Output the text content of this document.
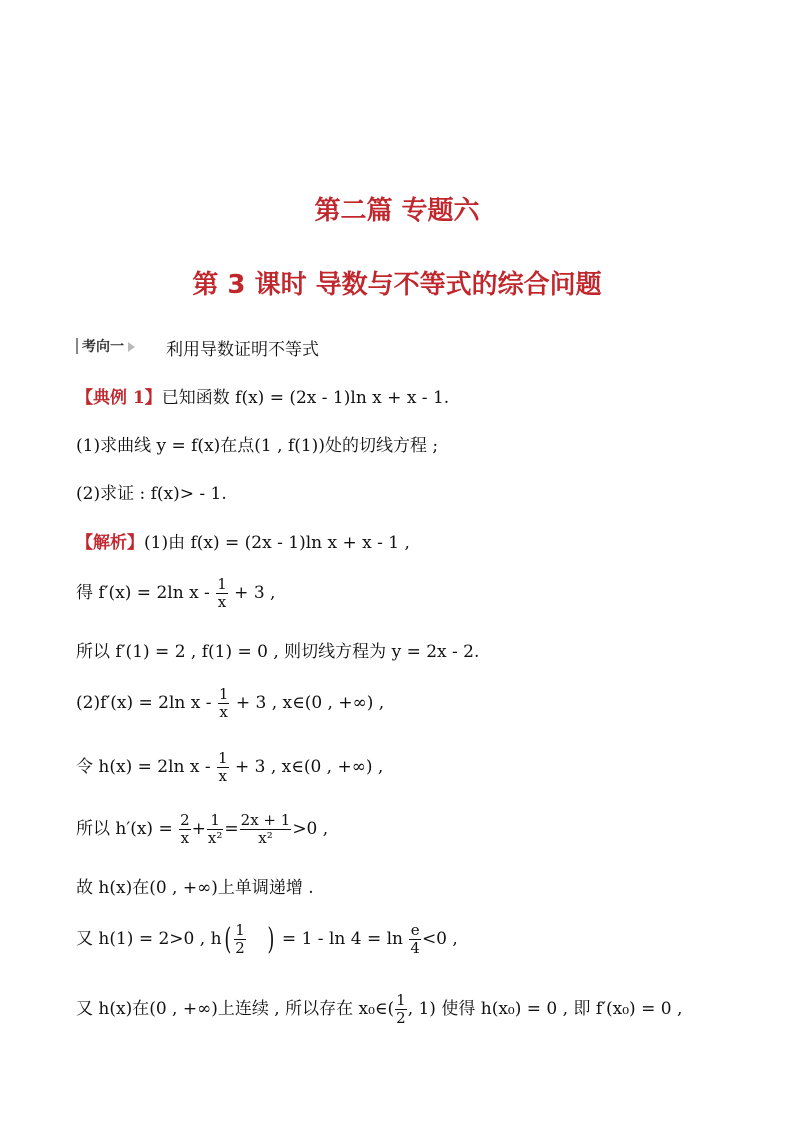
第二篇 专题六
第 3 课时 导数与不等式的综合问题
考向一	利用导数证明不等式
【典例 1】已知函数 f(x) = (2x - 1)ln x + x - 1.
(1)求曲线 y = f(x)在点(1 , f(1))处的切线方程 ;
(2)求证 : f(x)> - 1.
【解析】(1)由 f(x) = (2x - 1)ln x + x - 1 ,
得 f′(x) = 2ln $x - \frac{1}{x} + 3$ ,
所以 f′(1) = 2 , f(1) = 0 , 则切线方程为 y = 2x - 2.
(2)f′(x) = 2ln $x - \frac{1}{x} + 3$ , x∈(0 , +∞) ,
令 h(x) = 2ln $x - \frac{1}{x} + 3$ , x∈(0 , +∞) ,
所以 $h'(x) = \frac{2}{x} + \frac{1}{\text{x²}} = \frac{2x + 1}{\text{x²}} >0$ ,
故 h(x)在(0 , +∞)上单调递增 .
又 h(1) = 2>0 , $h( \frac{1}{2}$ ) = $1 - \ln 4 = \ln \frac{e}{4} <0$ ,
又 h(x)在(0 , +∞)上连续 , 所以存在 x₀∈( $\frac{1}{2}$ , 1) 使得 h(x₀) = 0 , 即 f′(x₀) = 0 ,
